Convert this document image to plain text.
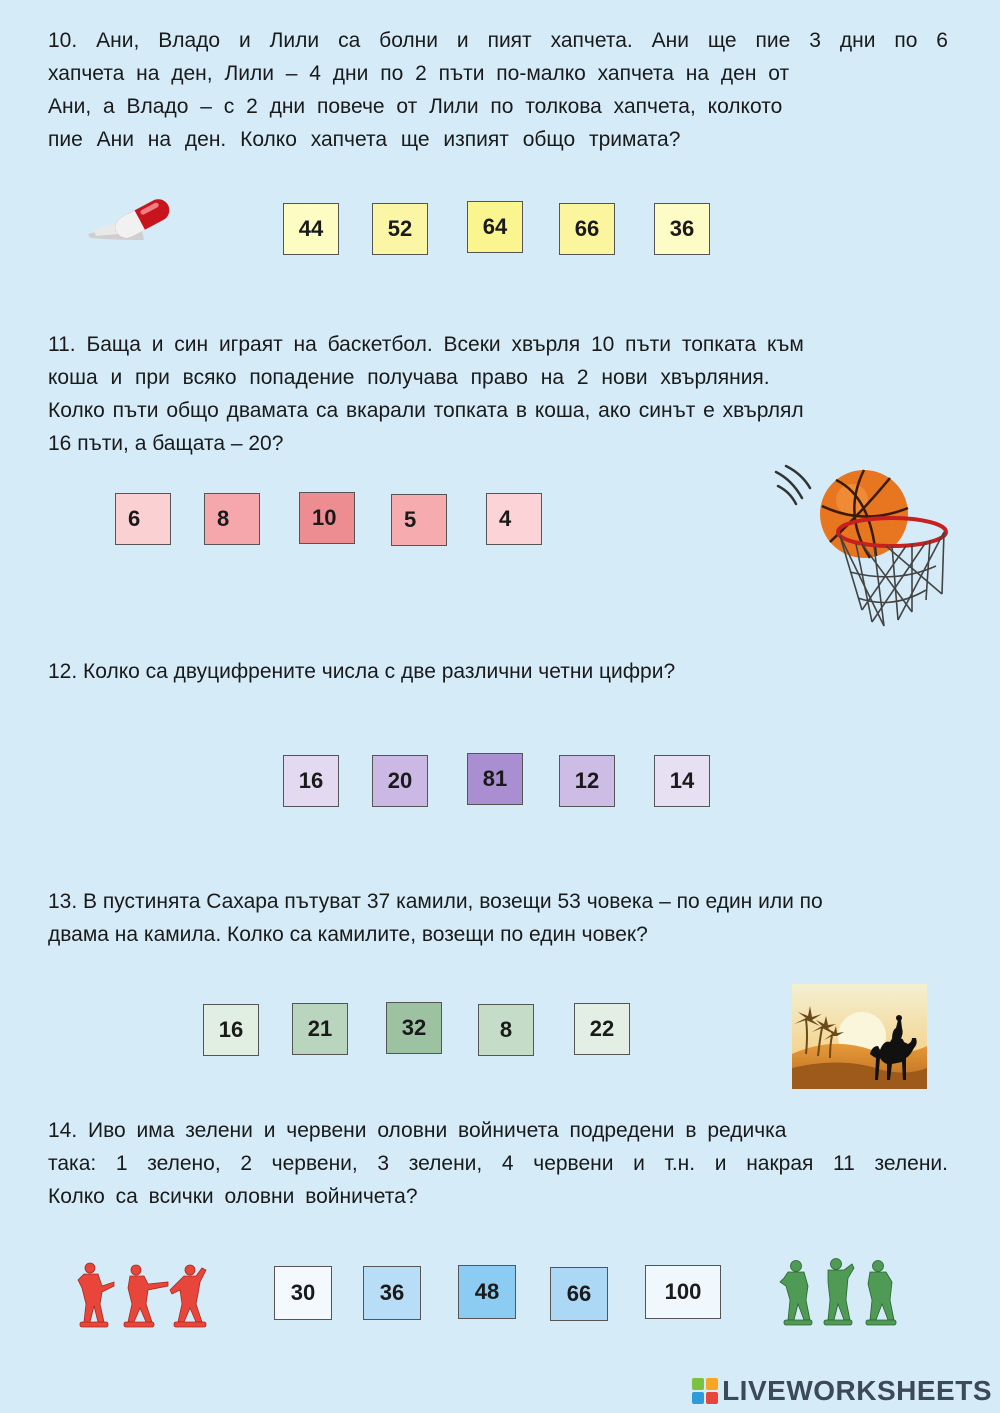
10. Ани, Владо и Лили са болни и пият хапчета. Ани ще пие 3 дни по 6
хапчета на ден, Лили – 4 дни по 2 пъти по-малко хапчета на ден от
Ани, а Владо – с 2 дни повече от Лили по толкова хапчета, колкото
пие Ани на ден. Колко хапчета ще изпият общо тримата?

44	52	64	66	36

11. Баща и син играят на баскетбол. Всеки хвърля 10 пъти топката към
коша и при всяко попадение получава право на 2 нови хвърляния.
Колко пъти общо двамата са вкарали топката в коша, ако синът е хвърлял
16 пъти, а бащата – 20?

6	8	10	5	4

12. Колко са двуцифрените числа с две различни четни цифри?

16	20	81	12	14

13. В пустинята Сахара пътуват 37 камили, возещи 53 човека – по един или по
двама на камила. Колко са камилите, возещи по един човек?

16	21	32	8	22

14. Иво има зелени и червени оловни войничета подредени в редичка
така: 1 зелено, 2 червени, 3 зелени, 4 червени и т.н. и накрая 11 зелени.
Колко са всички оловни войничета?

30	36	48	66	100
LIVEWORKSHEETS
